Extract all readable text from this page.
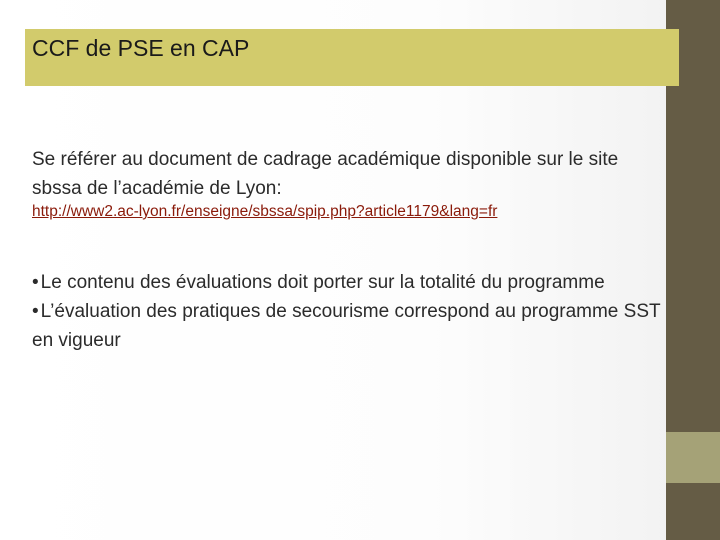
CCF de PSE en CAP

Se référer au document de cadrage académique disponible sur le site sbssa de l’académie de Lyon:

http://www2.ac-lyon.fr/enseigne/sbssa/spip.php?article1179&lang=fr
• Le contenu des évaluations doit porter sur la totalité du programme
• L’évaluation des pratiques de secourisme correspond au programme SST en vigueur
